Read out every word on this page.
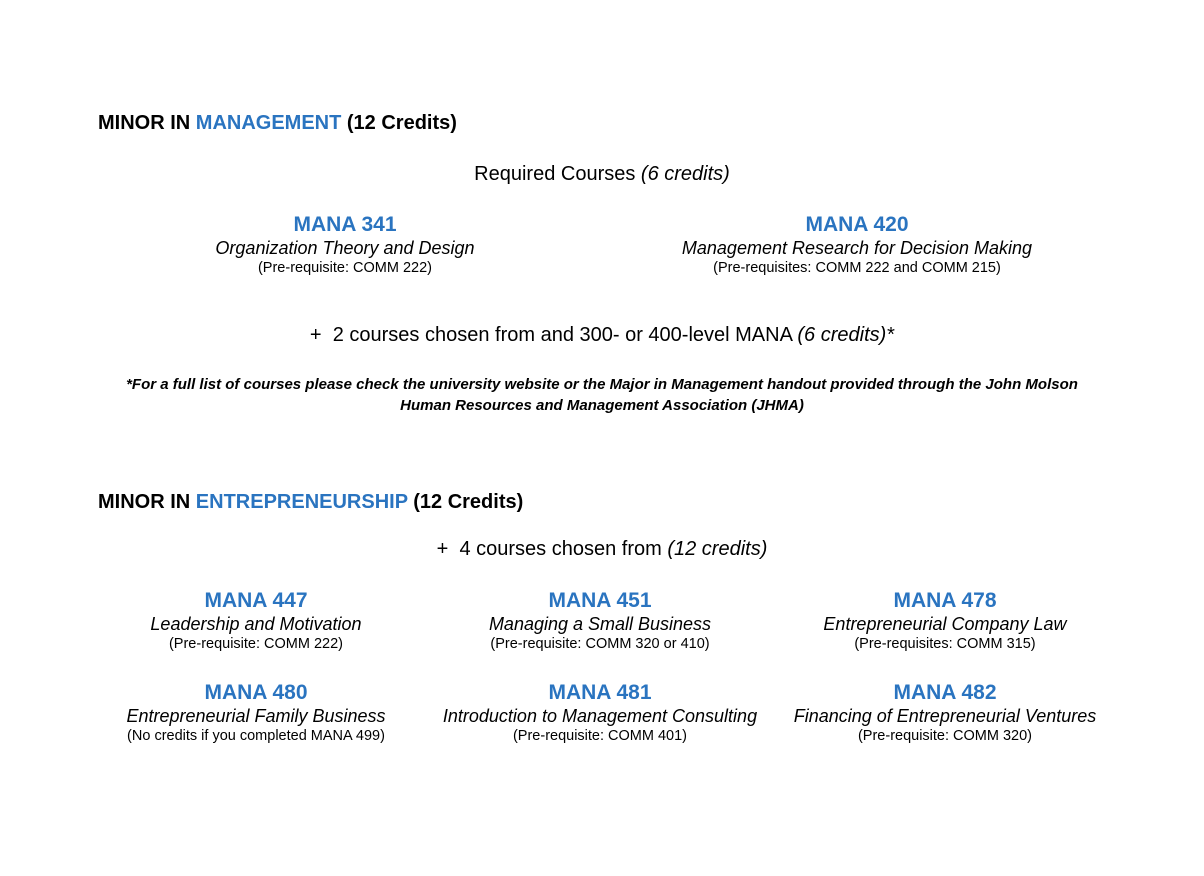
MINOR IN MANAGEMENT (12 Credits)
Required Courses (6 credits)
MANA 341
Organization Theory and Design
(Pre-requisite: COMM 222)
MANA 420
Management Research for Decision Making
(Pre-requisites: COMM 222 and COMM 215)
+ 2 courses chosen from and 300- or 400-level MANA (6 credits)*
*For a full list of courses please check the university website or the Major in Management handout provided through the John Molson
Human Resources and Management Association (JHMA)
MINOR IN ENTREPRENEURSHIP (12 Credits)
+ 4 courses chosen from (12 credits)
MANA 447
Leadership and Motivation
(Pre-requisite: COMM 222)
MANA 451
Managing a Small Business
(Pre-requisite: COMM 320 or 410)
MANA 478
Entrepreneurial Company Law
(Pre-requisites: COMM 315)
MANA 480
Entrepreneurial Family Business
(No credits if you completed MANA 499)
MANA 481
Introduction to Management Consulting
(Pre-requisite: COMM 401)
MANA 482
Financing of Entrepreneurial Ventures
(Pre-requisite: COMM 320)
